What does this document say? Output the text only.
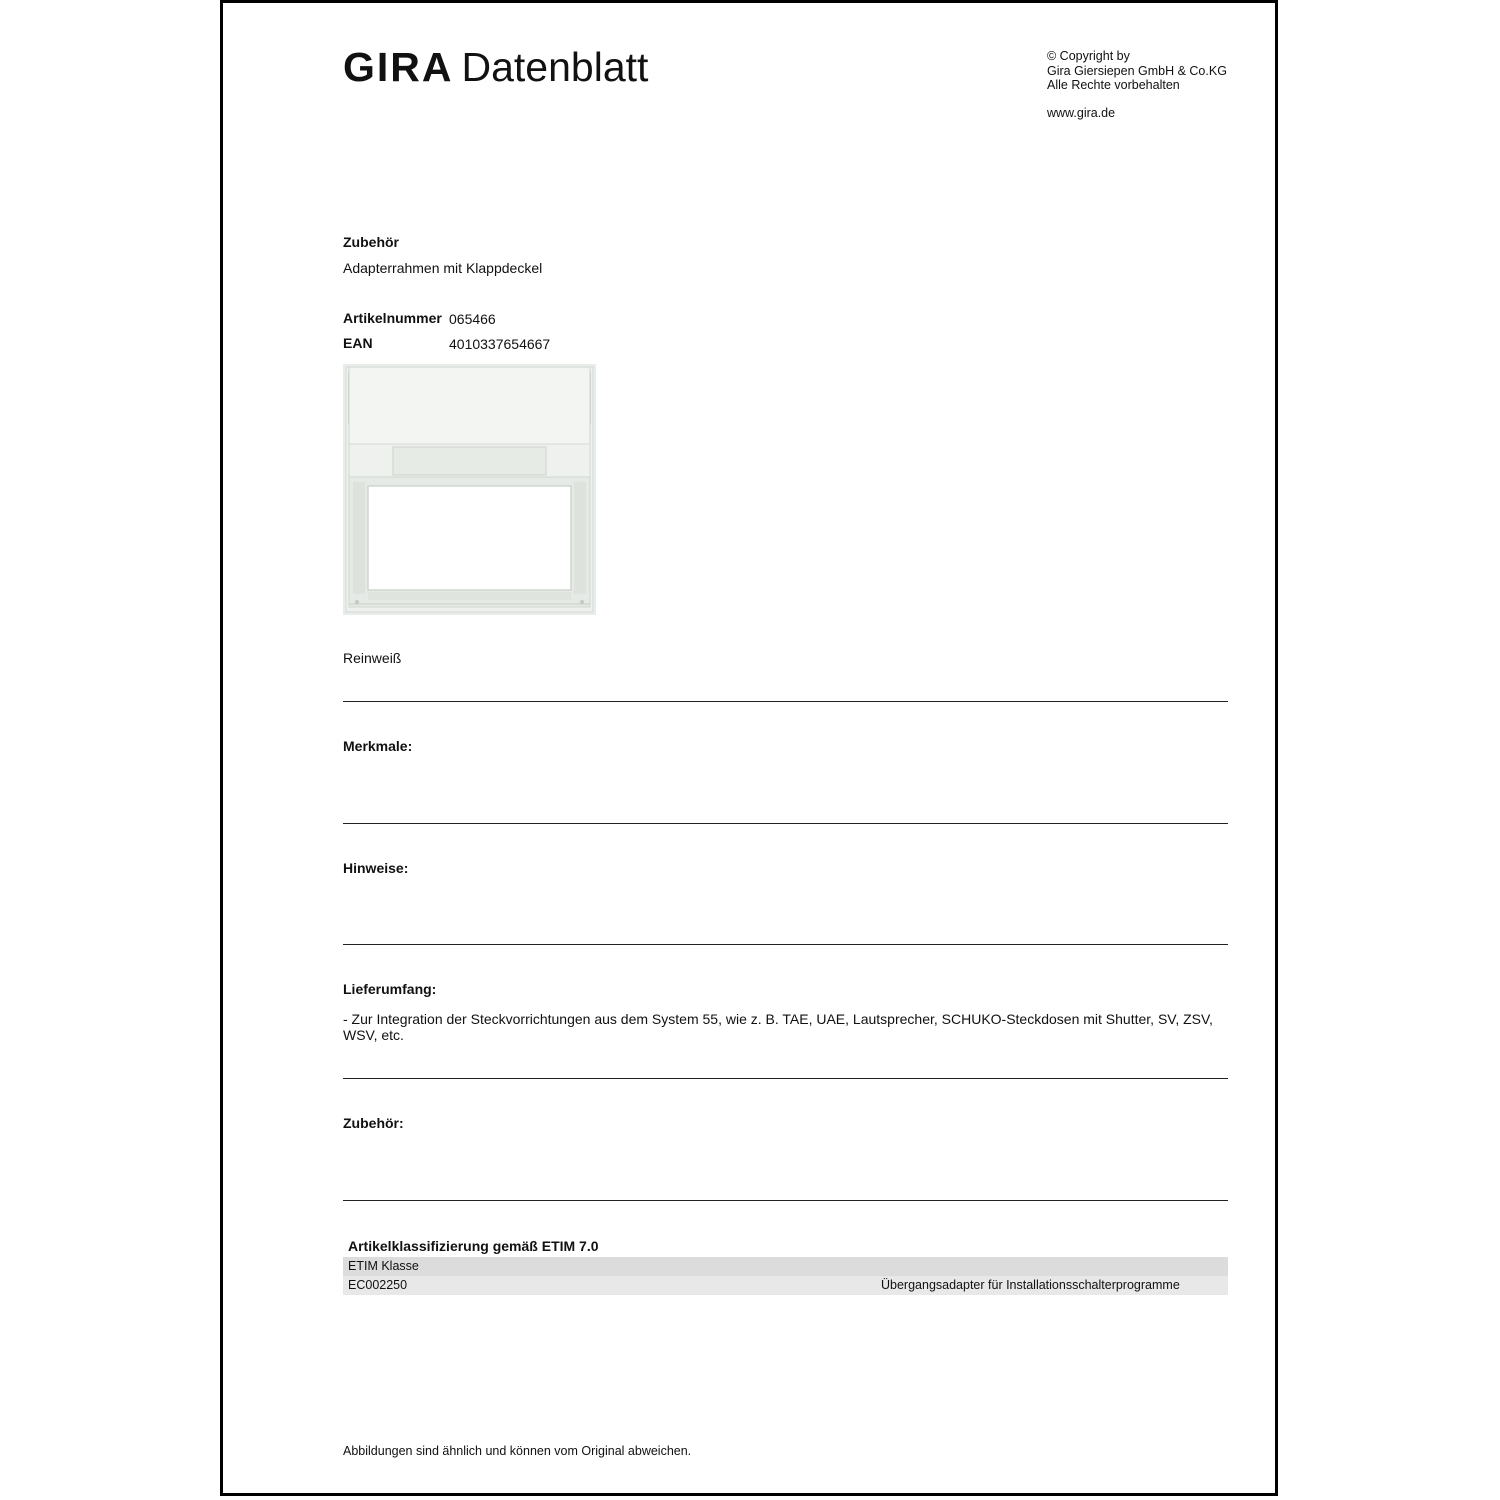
GIRA Datenblatt	© Copyright by
Gira Giersiepen GmbH & Co.KG
Alle Rechte vorbehalten
www.gira.de
Zubehör
Adapterrahmen mit Klappdeckel
Artikelnummer 065466
EAN	4010337654667
Reinweiß
Merkmale:
Hinweise:
Lieferumfang:
- Zur Integration der Steckvorrichtungen aus dem System 55, wie z. B. TAE, UAE, Lautsprecher, SCHUKO-Steckdosen mit Shutter, SV, ZSV, WSV, etc.
Zubehör:
Artikelklassifizierung gemäß ETIM 7.0
ETIM Klasse
EC002250	Übergangsadapter für Installationsschalterprogramme
Abbildungen sind ähnlich und können vom Original abweichen.
